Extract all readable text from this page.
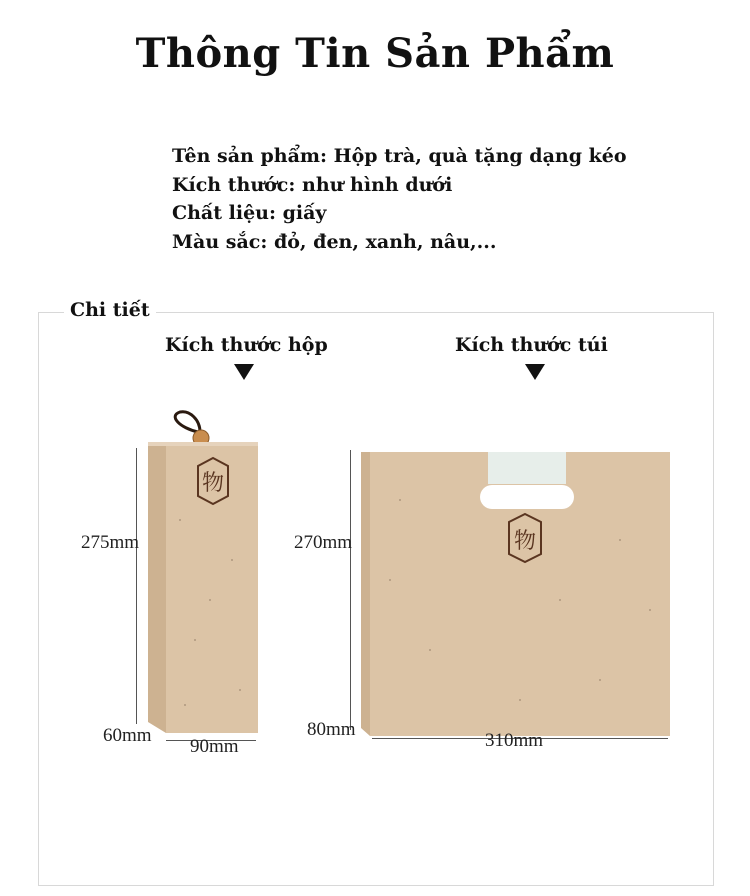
Thông Tin Sản Phẩm
Tên sản phẩm: Hộp trà, quà tặng dạng kéo
Kích thước: như hình dưới
Chất liệu: giấy
Màu sắc: đỏ, đen, xanh, nâu,...
Chi tiết
Kích thước hộp	Kích thước túi
物
物
275mm
60mm
90mm
270mm
80mm
310mm
